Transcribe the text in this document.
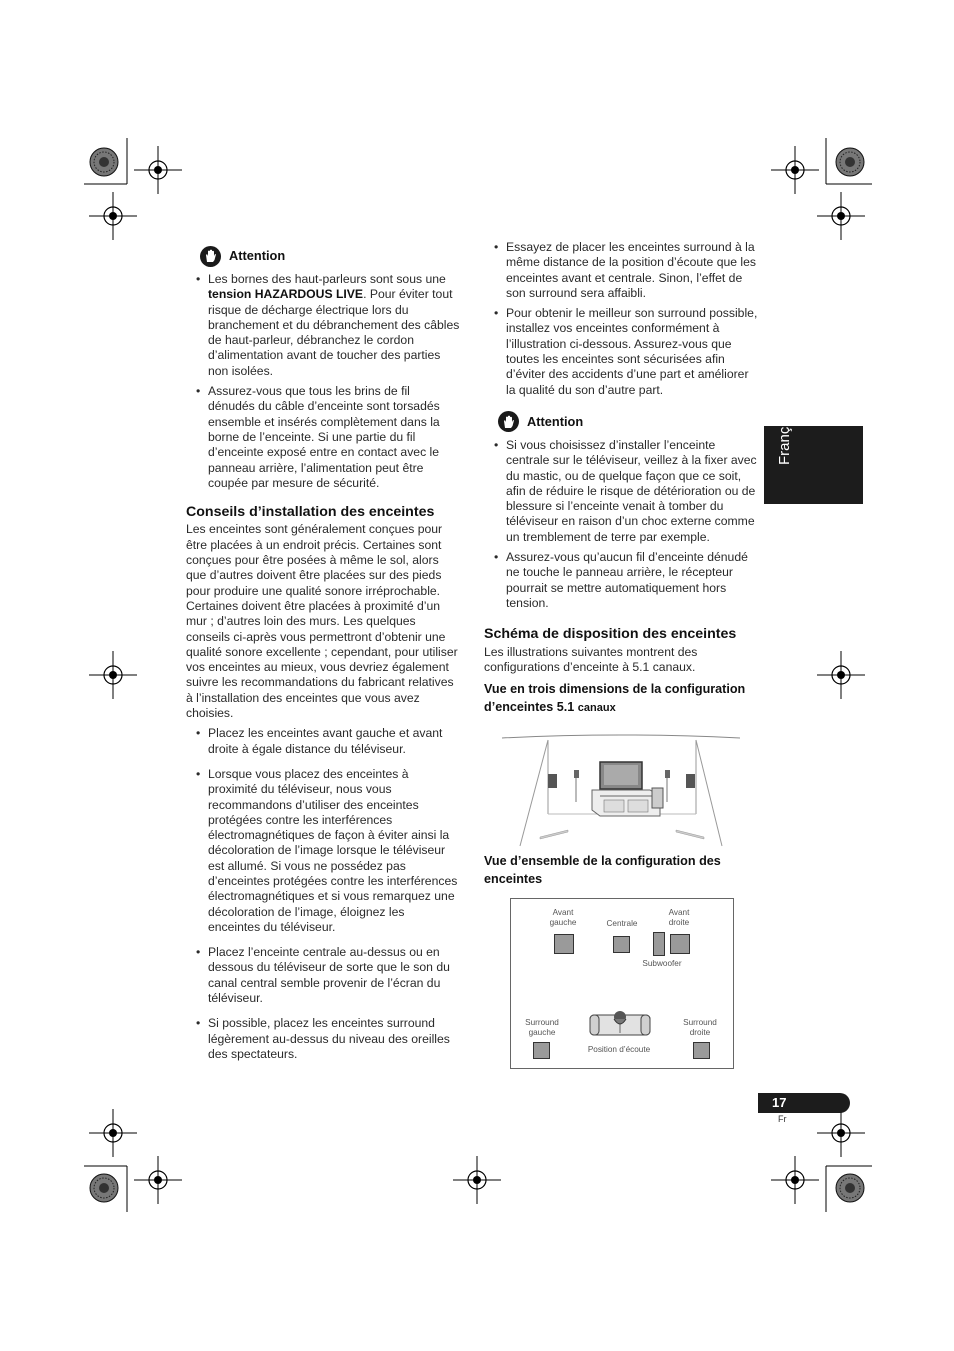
Attention
• Les bornes des haut-parleurs sont sous une tension HAZARDOUS LIVE. Pour éviter tout risque de décharge électrique lors du branchement et du débranchement des câbles de haut-parleur, débranchez le cordon d’alimentation avant de toucher des parties non isolées.
• Assurez-vous que tous les brins de fil dénudés du câble d’enceinte sont torsadés ensemble et insérés complètement dans la borne de l’enceinte. Si une partie du fil d’enceinte exposé entre en contact avec le panneau arrière, l’alimentation peut être coupée par mesure de sécurité.
Conseils d’installation des enceintes

Les enceintes sont généralement conçues pour être placées à un endroit précis. Certaines sont conçues pour être posées à même le sol, alors que d’autres doivent être placées sur des pieds pour produire une qualité sonore irréprochable. Certaines doivent être placées à proximité d’un mur ; d’autres loin des murs. Les quelques conseils ci-après vous permettront d’obtenir une qualité sonore excellente ; cependant, pour utiliser vos enceintes au mieux, vous devriez également suivre les recommandations du fabricant relatives à l’installation des enceintes que vous avez choisies.

• Placez les enceintes avant gauche et avant droite à égale distance du téléviseur.
• Lorsque vous placez des enceintes à proximité du téléviseur, nous vous recommandons d’utiliser des enceintes protégées contre les interférences électromagnétiques de façon à éviter ainsi la décoloration de l’image lorsque le téléviseur est allumé. Si vous ne possédez pas d’enceintes protégées contre les interférences électromagnétiques et si vous remarquez une décoloration de l’image, éloignez les enceintes du téléviseur.
• Placez l’enceinte centrale au-dessus ou en dessous du téléviseur de sorte que le son du canal central semble provenir de l’écran du téléviseur.
• Si possible, placez les enceintes surround légèrement au-dessus du niveau des oreilles des spectateurs.
• Essayez de placer les enceintes surround à la même distance de la position d’écoute que les enceintes avant et centrale. Sinon, l’effet de son surround sera affaibli.
• Pour obtenir le meilleur son surround possible, installez vos enceintes conformément à l’illustration ci-dessous. Assurez-vous que toutes les enceintes sont sécurisées afin d’éviter des accidents d’une part et améliorer la qualité du son d’autre part.
Attention
• Si vous choisissez d’installer l’enceinte centrale sur le téléviseur, veillez à la fixer avec du mastic, ou de quelque façon que ce soit, afin de réduire le risque de détérioration ou de blessure si l’enceinte venait à tomber du téléviseur en raison d’un choc externe comme un tremblement de terre par exemple.
• Assurez-vous qu’aucun fil d’enceinte dénudé ne touche le panneau arrière, le récepteur pourrait se mettre automatiquement hors tension.
Schéma de disposition des enceintes

Les illustrations suivantes montrent des configurations d’enceinte à 5.1 canaux.

Vue en trois dimensions de la configuration d’enceintes 5.1 canaux
Vue d’ensemble de la configuration des enceintes
Avant gauche	Centrale
Avant droite
Subwoofer
Surround gauche
Surround droite
Position d’écoute
Français
17
Fr
